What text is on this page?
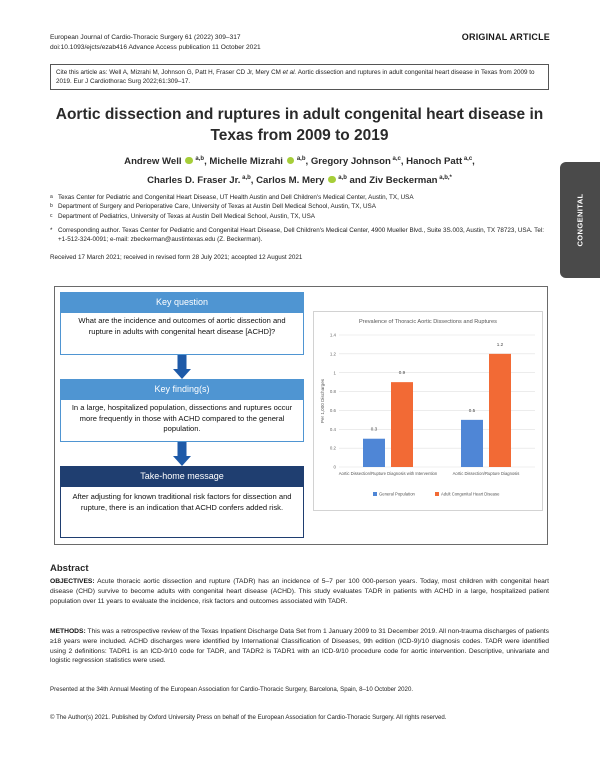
European Journal of Cardio-Thoracic Surgery 61 (2022) 309–317
doi:10.1093/ejcts/ezab416 Advance Access publication 11 October 2021
ORIGINAL ARTICLE
Cite this article as: Well A, Mizrahi M, Johnson G, Patt H, Fraser CD Jr, Mery CM et al. Aortic dissection and ruptures in adult congenital heart disease in Texas from 2009 to 2019. Eur J Cardiothorac Surg 2022;61:309–17.
Aortic dissection and ruptures in adult congenital heart disease in Texas from 2009 to 2019
Andrew Well  $^{a,b}$, Michelle Mizrahi  $^{a,b}$, Gregory Johnson $^{a,c}$, Hanoch Patt $^{a,c}$,
Charles D. Fraser Jr. $^{a,b}$, Carlos M. Mery  $^{a,b}$ and Ziv Beckerman $^{a,b,*}$
CONGENITAL
a Texas Center for Pediatric and Congenital Heart Disease, UT Health Austin and Dell Children's Medical Center, Austin, TX, USA
b Department of Surgery and Perioperative Care, University of Texas at Austin Dell Medical School, Austin, TX, USA
c Department of Pediatrics, University of Texas at Austin Dell Medical School, Austin, TX, USA
* Corresponding author. Texas Center for Pediatric and Congenital Heart Disease, Dell Children's Medical Center, 4900 Mueller Blvd., Suite 3S.003, Austin, TX 78723, USA. Tel: +1-512-324-0091; e-mail: zbeckerman@austintexas.edu (Z. Beckerman).
Received 17 March 2021; received in revised form 28 July 2021; accepted 12 August 2021
Key question
What are the incidence and outcomes of aortic dissection and rupture in adults with congenital heart disease [ACHD]?
Key finding(s)
In a large, hospitalized population, dissections and ruptures occur more frequently in those with ACHD compared to the general population.
Take-home message
After adjusting for known traditional risk factors for dissection and rupture, there is an indication that ACHD confers added risk.
Prevalence of Thoracic Aortic Dissections and Ruptures
0
0.2
0.4
0.6
0.8
1
1.2
1.4
0.3
0.9
Aortic Dissection/Rupture Diagnosis with Intervention
0.5
1.2
Aortic Dissection/Rupture Diagnosis
General Population	Adult Congenital Heart Disease
Per 1,000 Discharges
Abstract

OBJECTIVES: Acute thoracic aortic dissection and rupture (TADR) has an incidence of 5–7 per 100 000-person years. Today, most children with congenital heart disease (CHD) survive to become adults with congenital heart disease (ACHD). This study evaluates TADR in patients with ACHD in a large, hospitalized patient population over 11 years to evaluate the incidence, risk factors and outcomes associated with TADR.

METHODS: This was a retrospective review of the Texas Inpatient Discharge Data Set from 1 January 2009 to 31 December 2019. All non-trauma discharges of patients ≥18 years were included. ACHD discharges were identified by International Classification of Diseases, 9th edition (ICD-9)/10 diagnosis codes. TADR were identified using 2 definitions: TADR1 is an ICD-9/10 code for TADR, and TADR2 is TADR1 with an ICD-9/10 procedure code for aortic intervention. Descriptive, univariate and logistic regression statistics were used.

Presented at the 34th Annual Meeting of the European Association for Cardio-Thoracic Surgery, Barcelona, Spain, 8–10 October 2020.
© The Author(s) 2021. Published by Oxford University Press on behalf of the European Association for Cardio-Thoracic Surgery. All rights reserved.
